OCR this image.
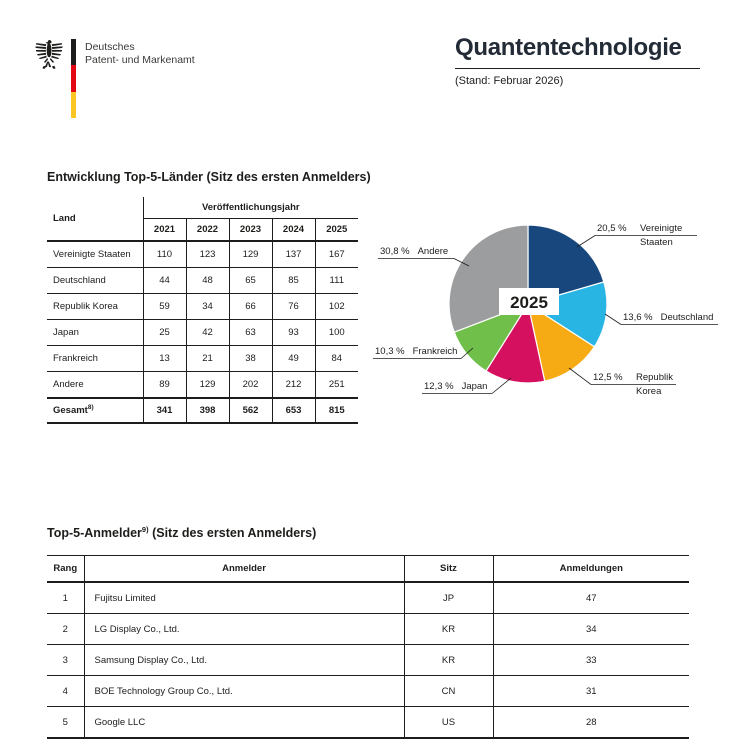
Deutsches
Patent- und Markenamt	Quantentechnologie
(Stand: Februar 2026)
Entwicklung Top-5-Länder (Sitz des ersten Anmelders)
Land	Veröffentlichungsjahr				
	2021	2022	2023	2024	2025
Vereinigte Staaten	110	123	129	137	167
Deutschland	44	48	65	85	111
Republik Korea	59	34	66	76	102
Japan	25	42	63	93	100
Frankreich	13	21	38	49	84
Andere	89	129	202	212	251
Gesamt$^{8)}$	341	398	562	653	815
2025
20,5 % Vereinigte
Staaten
13,6 % Deutschland
12,5 % Republik
Korea
12,3 % Japan
10,3 % Frankreich
30,8 % Andere
Top-5-Anmelder$^{9)}$ (Sitz des ersten Anmelders)
Rang	Anmelder	Sitz	Anmeldungen
1	Fujitsu Limited	JP	47
2	LG Display Co., Ltd.	KR	34
3	Samsung Display Co., Ltd.	KR	33
4	BOE Technology Group Co., Ltd.	CN	31
5	Google LLC	US	28
